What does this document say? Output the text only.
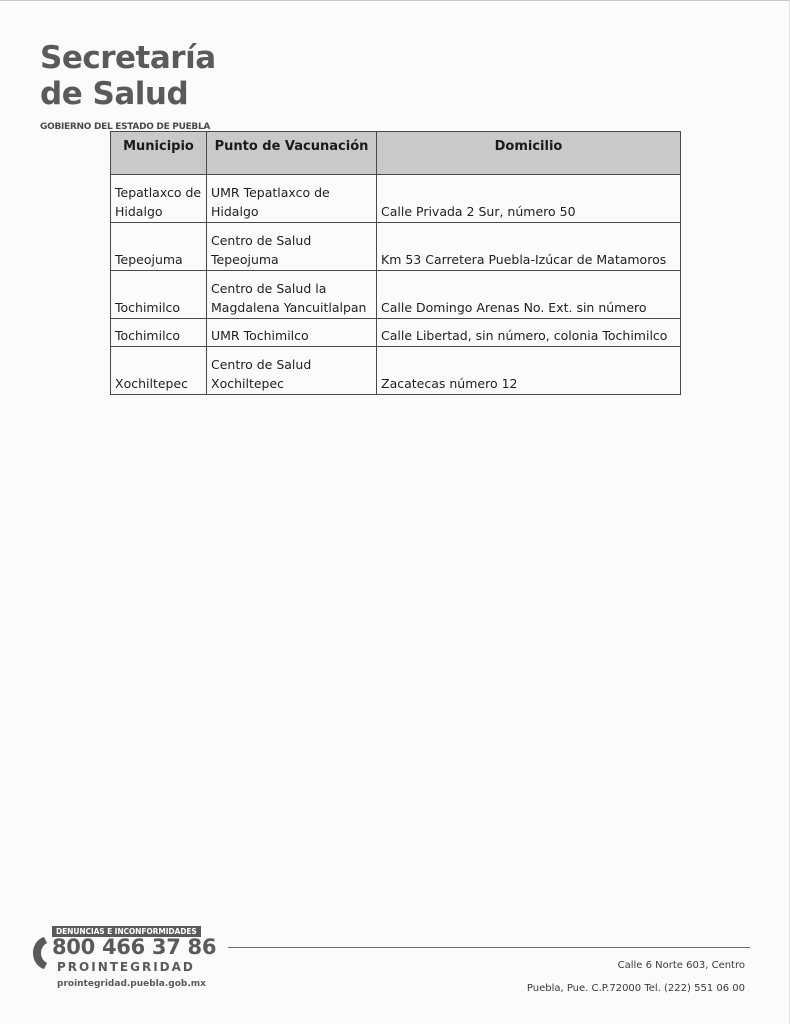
Secretaría
de Salud
GOBIERNO DEL ESTADO DE PUEBLA
Municipio	Punto de Vacunación	Domicilio
Tepatlaxco de Hidalgo	UMR Tepatlaxco de Hidalgo	Calle Privada 2 Sur, número 50
Tepeojuma	Centro de Salud Tepeojuma	Km 53 Carretera Puebla-Izúcar de Matamoros
Tochimilco	Centro de Salud la Magdalena Yancuitlalpan	Calle Domingo Arenas No. Ext. sin número
Tochimilco	UMR Tochimilco	Calle Libertad, sin número, colonia Tochimilco
Xochiltepec	Centro de Salud Xochiltepec	Zacatecas número 12
DENUNCIAS E INCONFORMIDADES
800 466 37 86
PROINTEGRIDAD
prointegridad.puebla.gob.mx
Calle 6 Norte 603, Centro
Puebla, Pue. C.P.72000 Tel. (222) 551 06 00
